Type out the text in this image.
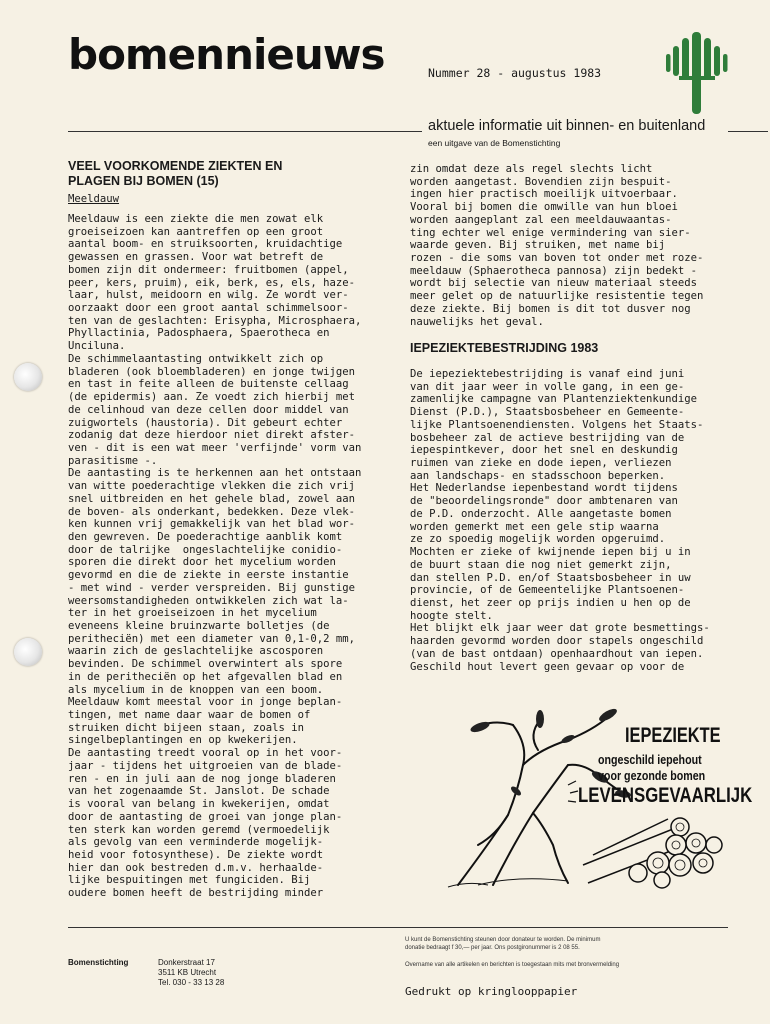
bomennieuws	Nummer 28 - augustus 1983
aktuele informatie uit binnen- en buitenland
een uitgave van de Bomenstichting
VEEL VOORKOMENDE ZIEKTEN EN
PLAGEN BIJ BOMEN (15)
Meeldauw
Meeldauw is een ziekte die men zowat elk
groeiseizoen kan aantreffen op een groot
aantal boom- en struiksoorten, kruidachtige
gewassen en grassen. Voor wat betreft de
bomen zijn dit ondermeer: fruitbomen (appel,
peer, kers, pruim), eik, berk, es, els, haze-
laar, hulst, meidoorn en wilg. Ze wordt ver-
oorzaakt door een groot aantal schimmelsoor-
ten van de geslachten: Erisypha, Microsphaera,
Phyllactinia, Padosphaera, Spaerotheca en
Unciluna.
De schimmelaantasting ontwikkelt zich op
bladeren (ook bloembladeren) en jonge twijgen
en tast in feite alleen de buitenste cellaag
(de epidermis) aan. Ze voedt zich hierbij met
de celinhoud van deze cellen door middel van
zuigwortels (haustoria). Dit gebeurt echter
zodanig dat deze hierdoor niet direkt afster-
ven - dit is een wat meer 'verfijnde' vorm van
parasitisme -.
De aantasting is te herkennen aan het ontstaan
van witte poederachtige vlekken die zich vrij
snel uitbreiden en het gehele blad, zowel aan
de boven- als onderkant, bedekken. Deze vlek-
ken kunnen vrij gemakkelijk van het blad wor-
den gewreven. De poederachtige aanblik komt
door de talrijke  ongeslachtelijke conidio-
sporen die direkt door het mycelium worden
gevormd en die de ziekte in eerste instantie
- met wind - verder verspreiden. Bij gunstige
weersomstandigheden ontwikkelen zich wat la-
ter in het groeiseizoen in het mycelium
eveneens kleine bruinzwarte bolletjes (de
peritheciën) met een diameter van 0,1-0,2 mm,
waarin zich de geslachtelijke ascosporen
bevinden. De schimmel overwintert als spore
in de peritheciën op het afgevallen blad en
als mycelium in de knoppen van een boom.
Meeldauw komt meestal voor in jonge beplan-
tingen, met name daar waar de bomen of
struiken dicht bijeen staan, zoals in
singelbeplantingen en op kwekerijen.
De aantasting treedt vooral op in het voor-
jaar - tijdens het uitgroeien van de blade-
ren - en in juli aan de nog jonge bladeren
van het zogenaamde St. Janslot. De schade
is vooral van belang in kwekerijen, omdat
door de aantasting de groei van jonge plan-
ten sterk kan worden geremd (vermoedelijk
als gevolg van een verminderde mogelijk-
heid voor fotosynthese). De ziekte wordt
hier dan ook bestreden d.m.v. herhaalde-
lijke bespuitingen met fungiciden. Bij
oudere bomen heeft de bestrijding minder
zin omdat deze als regel slechts licht
worden aangetast. Bovendien zijn bespuit-
ingen hier practisch moeilijk uitvoerbaar.
Vooral bij bomen die omwille van hun bloei
worden aangeplant zal een meeldauwaantas-
ting echter wel enige vermindering van sier-
waarde geven. Bij struiken, met name bij
rozen - die soms van boven tot onder met roze-
meeldauw (Sphaerotheca pannosa) zijn bedekt -
wordt bij selectie van nieuw materiaal steeds
meer gelet op de natuurlijke resistentie tegen
deze ziekte. Bij bomen is dit tot dusver nog
nauwelijks het geval.
IEPEZIEKTEBESTRIJDING 1983
De iepeziektebestrijding is vanaf eind juni
van dit jaar weer in volle gang, in een ge-
zamenlijke campagne van Plantenziektenkundige
Dienst (P.D.), Staatsbosbeheer en Gemeente-
lijke Plantsoenendiensten. Volgens het Staats-
bosbeheer zal de actieve bestrijding van de
iepespintkever, door het snel en deskundig
ruimen van zieke en dode iepen, verliezen
aan landschaps- en stadsschoon beperken.
Het Nederlandse iepenbestand wordt tijdens
de "beoordelingsronde" door ambtenaren van
de P.D. onderzocht. Alle aangetaste bomen
worden gemerkt met een gele stip waarna
ze zo spoedig mogelijk worden opgeruimd.
Mochten er zieke of kwijnende iepen bij u in
de buurt staan die nog niet gemerkt zijn,
dan stellen P.D. en/of Staatsbosbeheer in uw
provincie, of de Gemeentelijke Plantsoenen-
dienst, het zeer op prijs indien u hen op de
hoogte stelt.
Het blijkt elk jaar weer dat grote besmettings-
haarden gevormd worden door stapels ongeschild
(van de bast ontdaan) openhaardhout van iepen.
Geschild hout levert geen gevaar op voor de
IEPEZIEKTE
ongeschild iepehout
voor gezonde bomen
LEVENSGEVAARLIJK
Bomenstichting	Donkerstraat 17
3511 KB Utrecht
Tel. 030 - 33 13 28
U kunt de Bomenstichting steunen door donateur te worden. De minimum
donatie bedraagt f 30,— per jaar. Ons postgironummer is 2 08 55.
Overname van alle artikelen en berichten is toegestaan mits met bronvermelding
Gedrukt op kringlooppapier
